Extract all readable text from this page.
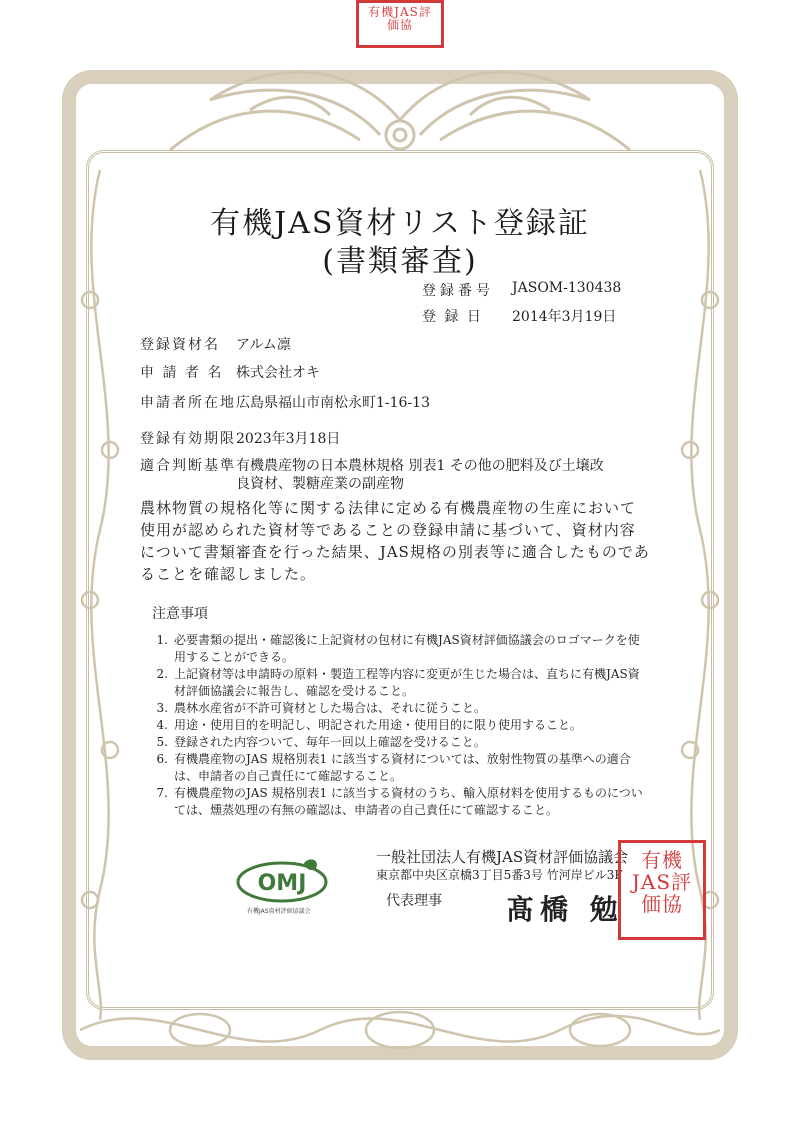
有機JAS評価協
有機JAS資材リスト登録証
(書類審査)
登録番号 JASOM-130438
登 録 日 2014年3月19日
登録資材名 アルム凛
申 請 者 名 株式会社オキ
申請者所在地広島県福山市南松永町1-16-13
登録有効期限2023年3月18日
適合判断基準有機農産物の日本農林規格 別表1 その他の肥料及び土壌改
良資材、製糖産業の副産物
農林物質の規格化等に関する法律に定める有機農産物の生産において使用が認められた資材等であることの登録申請に基づいて、資材内容について書類審査を行った結果、JAS規格の別表等に適合したものであることを確認しました。
注意事項
1. 必要書類の提出・確認後に上記資材の包材に有機JAS資材評価協議会のロゴマークを使用することができる。
2. 上記資材等は申請時の原料・製造工程等内容に変更が生じた場合は、直ちに有機JAS資材評価協議会に報告し、確認を受けること。
3. 農林水産省が不許可資材とした場合は、それに従うこと。
4. 用途・使用目的を明記し、明記された用途・使用目的に限り使用すること。
5. 登録された内容ついて、毎年一回以上確認を受けること。
6. 有機農産物のJAS 規格別表1 に該当する資材については、放射性物質の基準への適合は、申請者の自己責任にて確認すること。
7. 有機農産物のJAS 規格別表1 に該当する資材のうち、輸入原材料を使用するものについては、燻蒸処理の有無の確認は、申請者の自己責任にて確認すること。
OMJ
有機JAS資材評価協議会
一般社団法人有機JAS資材評価協議会
東京都中央区京橋3丁目5番3号 竹河岸ビル3F
代表理事 髙橋 勉
有機JAS評価協
